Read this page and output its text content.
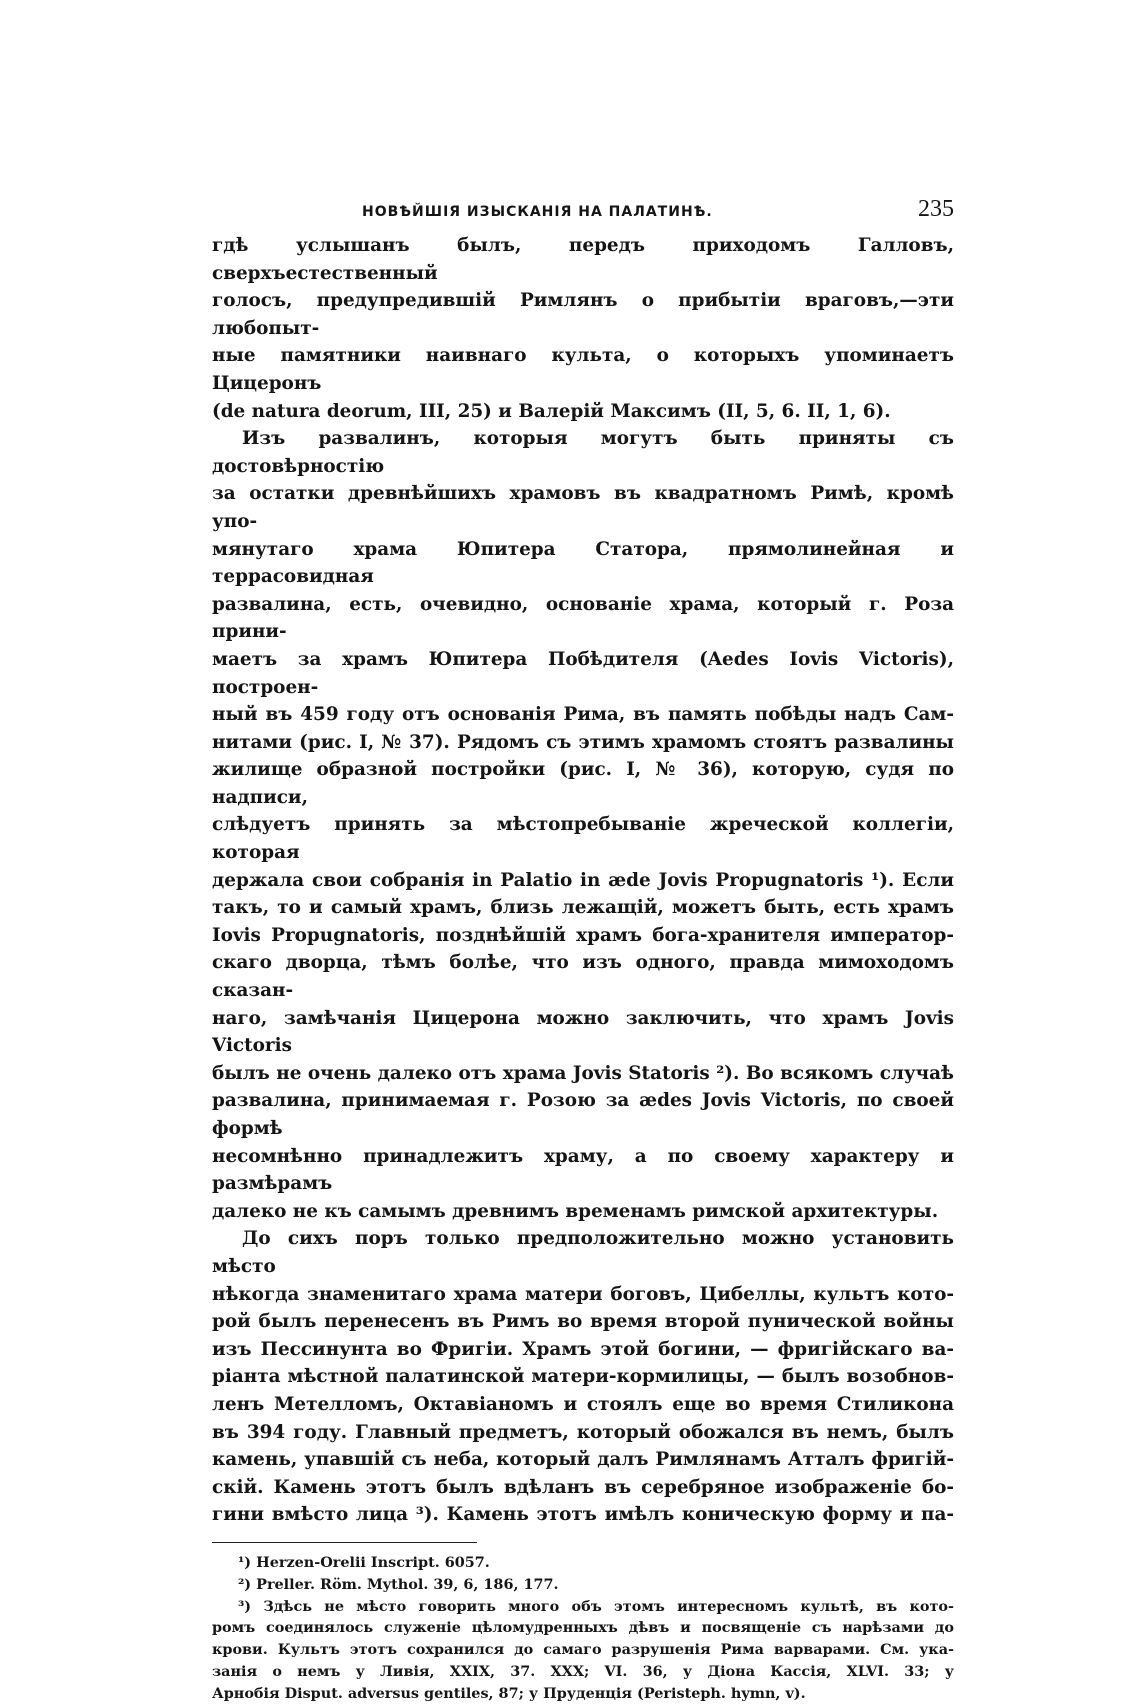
НОВѢЙШІЯ ИЗЫСКАНІЯ НА ПАЛАТИНѢ.	235

гдѣ услышанъ былъ, передъ приходомъ Галловъ, сверхъестественный

голосъ, предупредившій Римлянъ о прибытіи враговъ,—эти любопыт-

ные памятники наивнаго культа, о которыхъ упоминаетъ Цицеронъ

(de natura deorum, III, 25) и Валерій Максимъ (II, 5, 6. II, 1, 6).

Изъ развалинъ, которыя могутъ быть приняты съ достовѣрностію

за остатки древнѣйшихъ храмовъ въ квадратномъ Римѣ, кромѣ упо-

мянутаго храма Юпитера Статора, прямолинейная и террасовидная

развалина, есть, очевидно, основаніе храма, который г. Роза прини-

маетъ за храмъ Юпитера Побѣдителя (Aedes Iovis Victoris), построен-

ный въ 459 году отъ основанія Рима, въ память побѣды надъ Сам-

нитами (рис. I, № 37). Рядомъ съ этимъ храмомъ стоятъ развалины

жилище образной постройки (рис. I, № 36), которую, судя по надписи,

слѣдуетъ принять за мѣстопребываніе жреческой коллегіи, которая

держала свои собранія in Palatio in æde Jovis Propugnatoris ¹). Если

такъ, то и самый храмъ, близь лежащій, можетъ быть, есть храмъ

Iovis Propugnatoris, позднѣйшій храмъ бога-хранителя император-

скаго дворца, тѣмъ болѣе, что изъ одного, правда мимоходомъ сказан-

наго, замѣчанія Цицерона можно заключить, что храмъ Jovis Victoris

былъ не очень далеко отъ храма Jovis Statoris ²). Во всякомъ случаѣ

развалина, принимаемая г. Розою за ædes Jovis Victoris, по своей формѣ

несомнѣнно принадлежитъ храму, а по своему характеру и размѣрамъ

далеко не къ самымъ древнимъ временамъ римской архитектуры.

До сихъ поръ только предположительно можно установить мѣсто

нѣкогда знаменитаго храма матери боговъ, Цибеллы, культъ кото-

рой былъ перенесенъ въ Римъ во время второй пунической войны

изъ Пессинунта во Фригіи. Храмъ этой богини, — фригійскаго ва-

ріанта мѣстной палатинской матери-кормилицы, — былъ возобнов-

ленъ Метелломъ, Октавіаномъ и стоялъ еще во время Стиликона

въ 394 году. Главный предметъ, который обожался въ немъ, былъ

камень, упавшій съ неба, который далъ Римлянамъ Атталъ фригій-

скій. Камень этотъ былъ вдѣланъ въ серебряное изображеніе бо-

гини вмѣсто лица ³). Камень этотъ имѣлъ коническую форму и па-

¹) Herzen-Orelii Inscript. 6057.

²) Preller. Röm. Mythol. 39, 6, 186, 177.

³) Здѣсь не мѣсто говорить много объ этомъ интересномъ культѣ, въ кото-

ромъ соединялось служеніе цѣломудренныхъ дѣвъ и посвященіе съ нарѣзами до

крови. Культъ этотъ сохранился до самаго разрушенія Рима варварами. См. ука-

занія о немъ у Ливія, XXIX, 37. XXX; VI. 36, у Діона Кассія, XLVI. 33; у

Арнобія Disput. adversus gentiles, 87; у Пруденція (Peristeph. hymn, v).
